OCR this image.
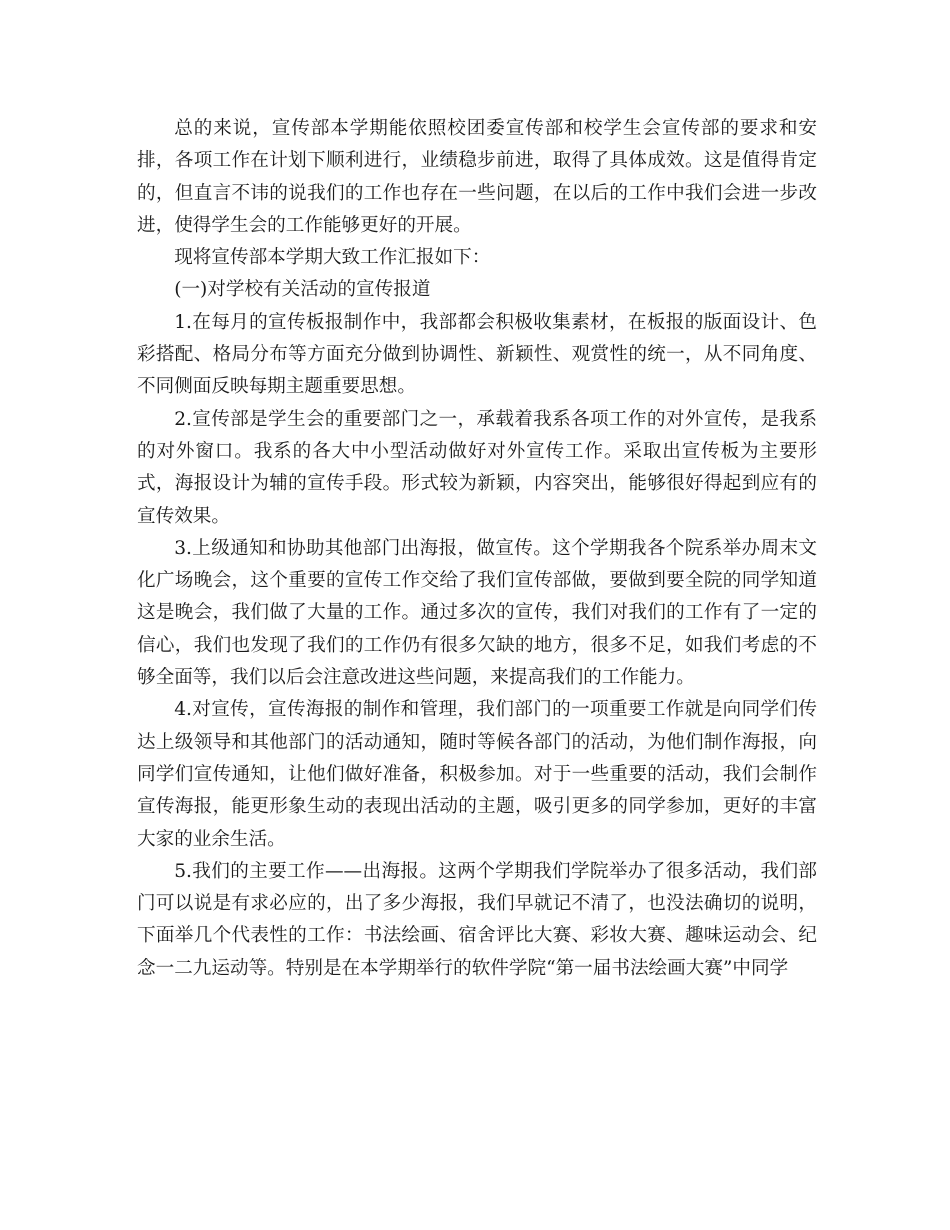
总的来说，宣传部本学期能依照校团委宣传部和校学生会宣传部的要求和安排，各项工作在计划下顺利进行，业绩稳步前进，取得了具体成效。这是值得肯定的，但直言不讳的说我们的工作也存在一些问题，在以后的工作中我们会进一步改进，使得学生会的工作能够更好的开展。

现将宣传部本学期大致工作汇报如下：

(一)对学校有关活动的宣传报道

1.在每月的宣传板报制作中，我部都会积极收集素材，在板报的版面设计、色彩搭配、格局分布等方面充分做到协调性、新颖性、观赏性的统一，从不同角度、不同侧面反映每期主题重要思想。

2.宣传部是学生会的重要部门之一，承载着我系各项工作的对外宣传，是我系的对外窗口。我系的各大中小型活动做好对外宣传工作。采取出宣传板为主要形式，海报设计为辅的宣传手段。形式较为新颖，内容突出，能够很好得起到应有的宣传效果。

3.上级通知和协助其他部门出海报，做宣传。这个学期我各个院系举办周末文化广场晚会，这个重要的宣传工作交给了我们宣传部做，要做到要全院的同学知道这是晚会，我们做了大量的工作。通过多次的宣传，我们对我们的工作有了一定的信心，我们也发现了我们的工作仍有很多欠缺的地方，很多不足，如我们考虑的不够全面等，我们以后会注意改进这些问题，来提高我们的工作能力。

4.对宣传，宣传海报的制作和管理，我们部门的一项重要工作就是向同学们传达上级领导和其他部门的活动通知，随时等候各部门的活动，为他们制作海报，向同学们宣传通知，让他们做好准备，积极参加。对于一些重要的活动，我们会制作宣传海报，能更形象生动的表现出活动的主题，吸引更多的同学参加，更好的丰富大家的业余生活。

5.我们的主要工作——出海报。这两个学期我们学院举办了很多活动，我们部门可以说是有求必应的，出了多少海报，我们早就记不清了，也没法确切的说明，下面举几个代表性的工作：书法绘画、宿舍评比大赛、彩妆大赛、趣味运动会、纪念一二九运动等。特别是在本学期举行的软件学院“第一届书法绘画大赛”中同学
